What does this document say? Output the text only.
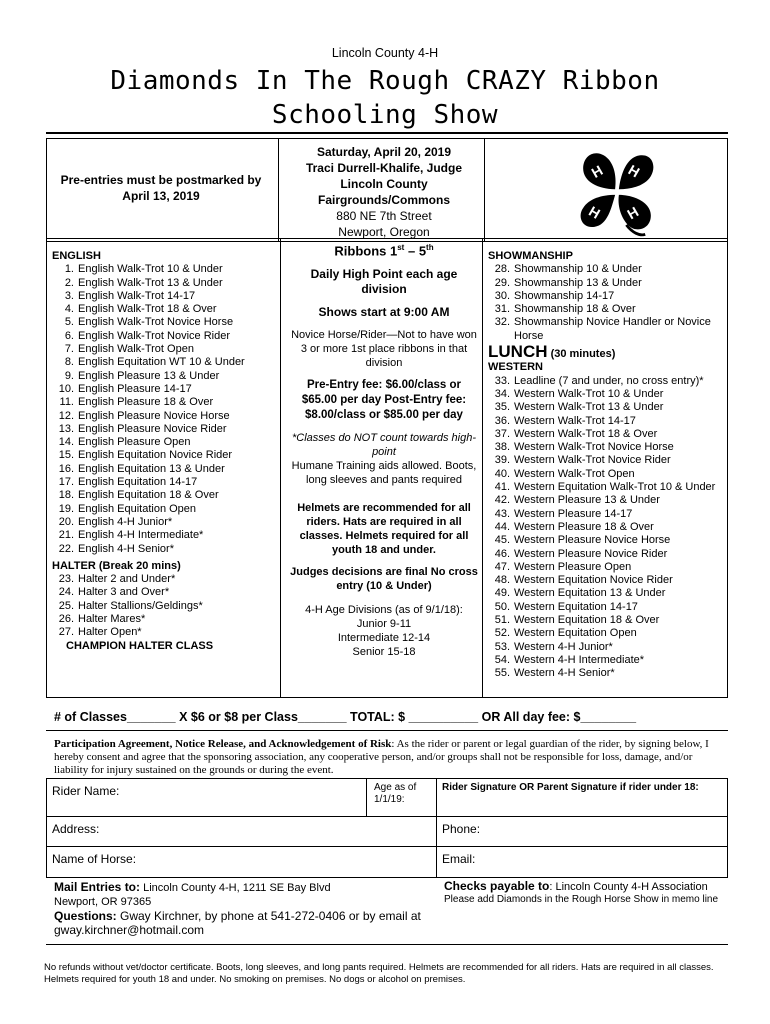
Lincoln County 4-H
Diamonds In The Rough CRAZY Ribbon
Schooling Show
Pre-entries must be postmarked by April 13, 2019
Saturday, April 20, 2019
Traci Durrell-Khalife, Judge
Lincoln County
Fairgrounds/Commons
880 NE 7th Street
Newport, Oregon
H H
H H
ENGLISH
1. English Walk-Trot 10 & Under
2. English Walk-Trot 13 & Under
3. English Walk-Trot 14-17
4. English Walk-Trot 18 & Over
5. English Walk-Trot Novice Horse
6. English Walk-Trot Novice Rider
7. English Walk-Trot Open
8. English Equitation WT 10 & Under
9. English Pleasure 13 & Under
10. English Pleasure 14-17
11. English Pleasure 18 & Over
12. English Pleasure Novice Horse
13. English Pleasure Novice Rider
14. English Pleasure Open
15. English Equitation Novice Rider
16. English Equitation 13 & Under
17. English Equitation 14-17
18. English Equitation 18 & Over
19. English Equitation Open
20. English 4-H Junior*
21. English 4-H Intermediate*
22. English 4-H Senior*
HALTER (Break 20 mins)
23. Halter 2 and Under*
24. Halter 3 and Over*
25. Halter Stallions/Geldings*
26. Halter Mares*
27. Halter Open*
CHAMPION HALTER CLASS

Ribbons 1st – 5th

Daily High Point each age division

Shows start at 9:00 AM

Novice Horse/Rider—Not to have won 3 or more 1st place ribbons in that division

Pre-Entry fee: $6.00/class or $65.00 per day Post-Entry fee: $8.00/class or $85.00 per day

*Classes do NOT count towards high-point

Humane Training aids allowed. Boots, long sleeves and pants required

Helmets are recommended for all riders. Hats are required in all classes. Helmets required for all youth 18 and under.

Judges decisions are final No cross entry (10 & Under)

4-H Age Divisions (as of 9/1/18):
Junior 9-11
Intermediate 12-14
Senior 15-18
SHOWMANSHIP
28. Showmanship 10 & Under
29. Showmanship 13 & Under
30. Showmanship 14-17
31. Showmanship 18 & Over
32. Showmanship Novice Handler or Novice Horse
LUNCH (30 minutes)
WESTERN
33. Leadline (7 and under, no cross entry)*
34. Western Walk-Trot 10 & Under
35. Western Walk-Trot 13 & Under
36. Western Walk-Trot 14-17
37. Western Walk-Trot 18 & Over
38. Western Walk-Trot Novice Horse
39. Western Walk-Trot Novice Rider
40. Western Walk-Trot Open
41. Western Equitation Walk-Trot 10 & Under
42. Western Pleasure 13 & Under
43. Western Pleasure 14-17
44. Western Pleasure 18 & Over
45. Western Pleasure Novice Horse
46. Western Pleasure Novice Rider
47. Western Pleasure Open
48. Western Equitation Novice Rider
49. Western Equitation 13 & Under
50. Western Equitation 14-17
51. Western Equitation 18 & Over
52. Western Equitation Open
53. Western 4-H Junior*
54. Western 4-H Intermediate*
55. Western 4-H Senior*
# of Classes_______ X $6 or $8 per Class_______ TOTAL: $ __________ OR All day fee: $________
Participation Agreement, Notice Release, and Acknowledgement of Risk: As the rider or parent or legal guardian of the rider, by signing below, I hereby consent and agree that the sponsoring association, any cooperative person, and/or groups shall not be responsible for loss, damage, and/or liability for injury sustained on the grounds or during the event.
Rider Name:	Age as of 1/1/19:
Rider Signature OR Parent Signature if rider under 18:
Address:	Phone:
Name of Horse:	Email:
Mail Entries to: Lincoln County 4-H, 1211 SE Bay Blvd
Newport, OR 97365
Questions: Gway Kirchner, by phone at 541-272-0406 or by email at gway.kirchner@hotmail.com
Checks payable to: Lincoln County 4-H Association
Please add Diamonds in the Rough Horse Show in memo line
No refunds without vet/doctor certificate. Boots, long sleeves, and long pants required. Helmets are recommended for all riders. Hats are required in all classes. Helmets required for youth 18 and under. No smoking on premises. No dogs or alcohol on premises.
